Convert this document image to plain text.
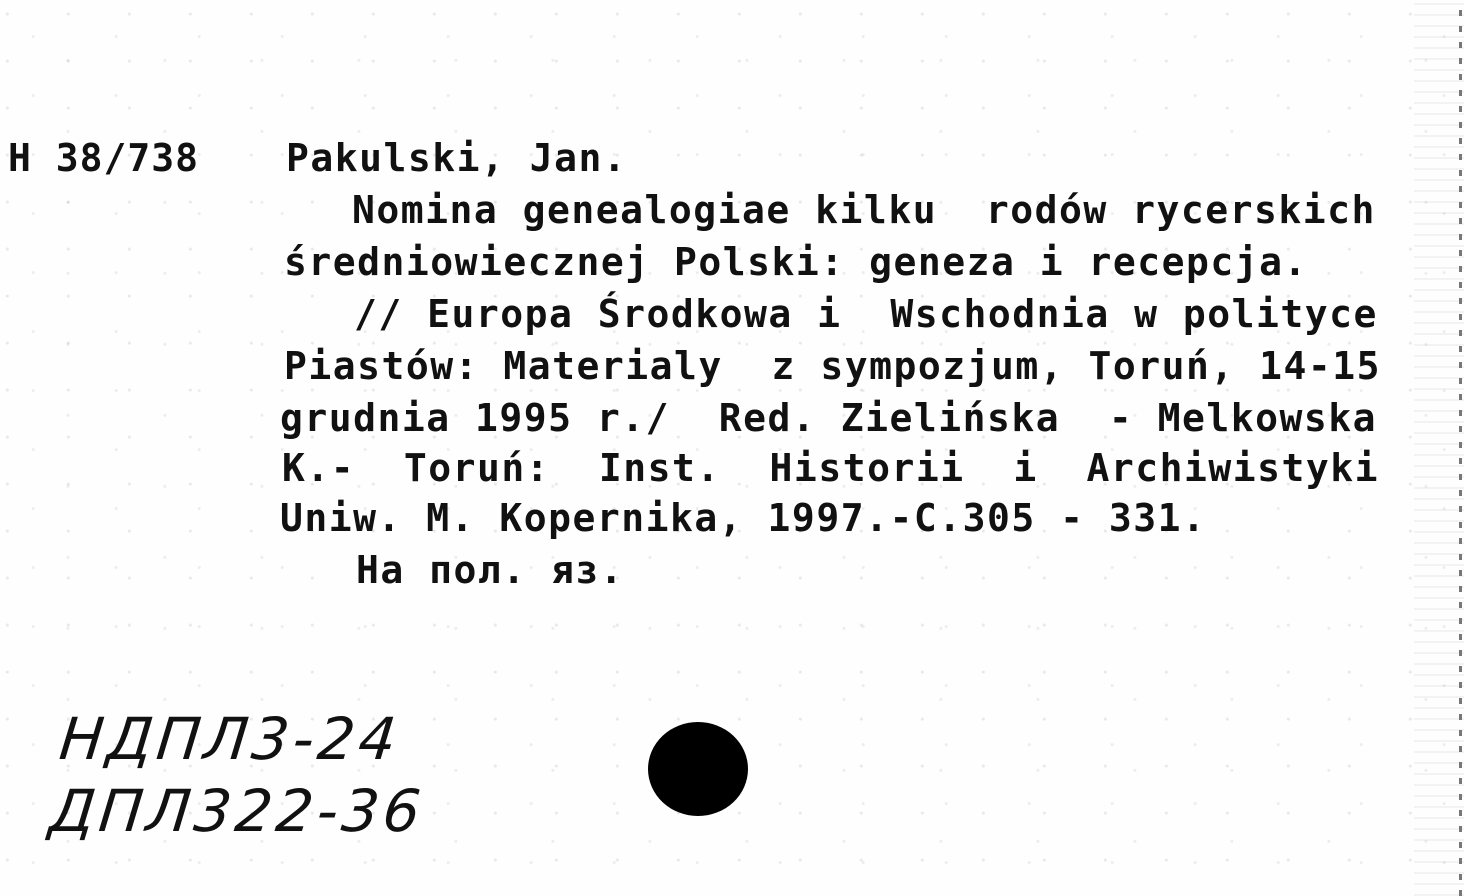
H 38/738 Pakulski, Jan.
Nomina genealogiae kilku  rodów rycerskich
średniowiecznej Polski: geneza i recepcja.
// Europa Środkowa i  Wschodnia w polityce
Piastów: Materialy  z sympozjum, Toruń, 14-15
grudnia 1995 r./  Red. Zielińska  - Melkowska
K.-  Toruń:  Inst.  Historii  i  Archiwistyki
Uniw. M. Kopernika, 1997.-C.305 - 331.
На пол. яз.
НДПЛ3-24
ДПЛ322-36
